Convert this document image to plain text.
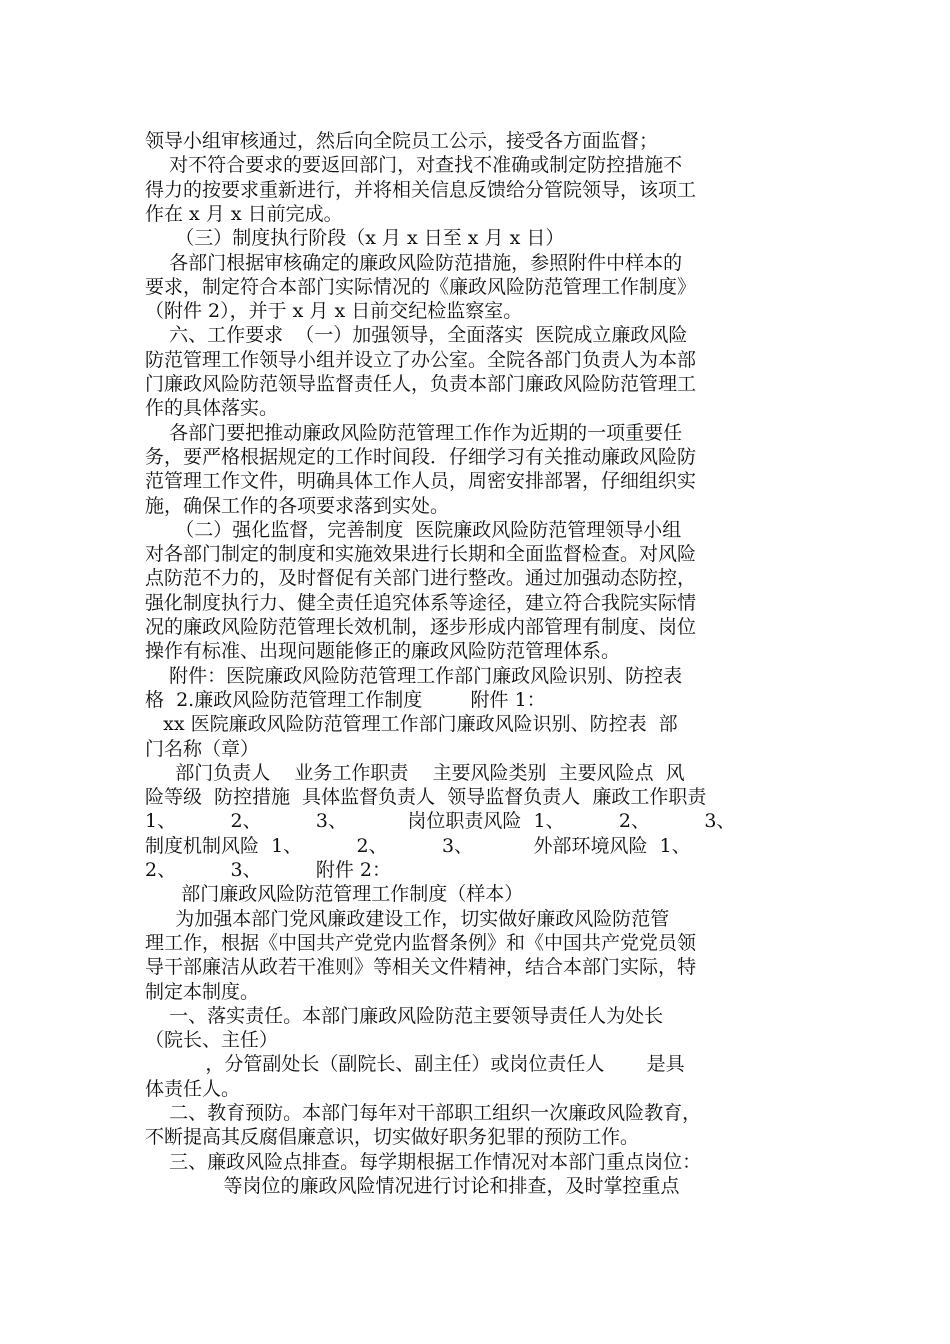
领导小组审核通过，然后向全院员工公示，接受各方面监督；
对不符合要求的要返回部门，对查找不准确或制定防控措施不
得力的按要求重新进行，并将相关信息反馈给分管院领导，该项工
作在 x 月 x 日前完成。
（三）制度执行阶段（x 月 x 日至 x 月 x 日）
各部门根据审核确定的廉政风险防范措施，参照附件中样本的
要求，制定符合本部门实际情况的《廉政风险防范管理工作制度》
（附件 2），并于 x 月 x 日前交纪检监察室。
六、工作要求  （一）加强领导，全面落实  医院成立廉政风险
防范管理工作领导小组并设立了办公室。全院各部门负责人为本部
门廉政风险防范领导监督责任人，负责本部门廉政风险防范管理工
作的具体落实。
各部门要把推动廉政风险防范管理工作作为近期的一项重要任
务，要严格根据规定的工作时间段．仔细学习有关推动廉政风险防
范管理工作文件，明确具体工作人员，周密安排部署，仔细组织实
施，确保工作的各项要求落到实处。
（二）强化监督，完善制度  医院廉政风险防范管理领导小组
对各部门制定的制度和实施效果进行长期和全面监督检查。对风险
点防范不力的，及时督促有关部门进行整改。通过加强动态防控，
强化制度执行力、健全责任追究体系等途径，建立符合我院实际情
况的廉政风险防范管理长效机制，逐步形成内部管理有制度、岗位
操作有标准、出现问题能修正的廉政风险防范管理体系。
附件：医院廉政风险防范管理工作部门廉政风险识别、防控表
格  2.廉政风险防范管理工作制度        附件 1：
xx 医院廉政风险防范管理工作部门廉政风险识别、防控表  部
门名称（章）
部门负责人    业务工作职责    主要风险类别  主要风险点  风
险等级  防控措施  具体监督负责人  领导监督负责人  廉政工作职责
1、         2、         3、          岗位职责风险  1、         2、         3、
制度机制风险  1、         2、         3、          外部环境风险  1、
2、         3、         附件 2：
部门廉政风险防范管理工作制度（样本）
为加强本部门党风廉政建设工作，切实做好廉政风险防范管
理工作，根据《中国共产党党内监督条例》和《中国共产党党员领
导干部廉洁从政若干准则》等相关文件精神，结合本部门实际，特
制定本制度。
一、落实责任。本部门廉政风险防范主要领导责任人为处长
（院长、主任）
，分管副处长（副院长、副主任）或岗位责任人       是具
体责任人。
二、教育预防。本部门每年对干部职工组织一次廉政风险教育，
不断提高其反腐倡廉意识，切实做好职务犯罪的预防工作。
三、廉政风险点排查。每学期根据工作情况对本部门重点岗位：
等岗位的廉政风险情况进行讨论和排查，及时掌控重点
